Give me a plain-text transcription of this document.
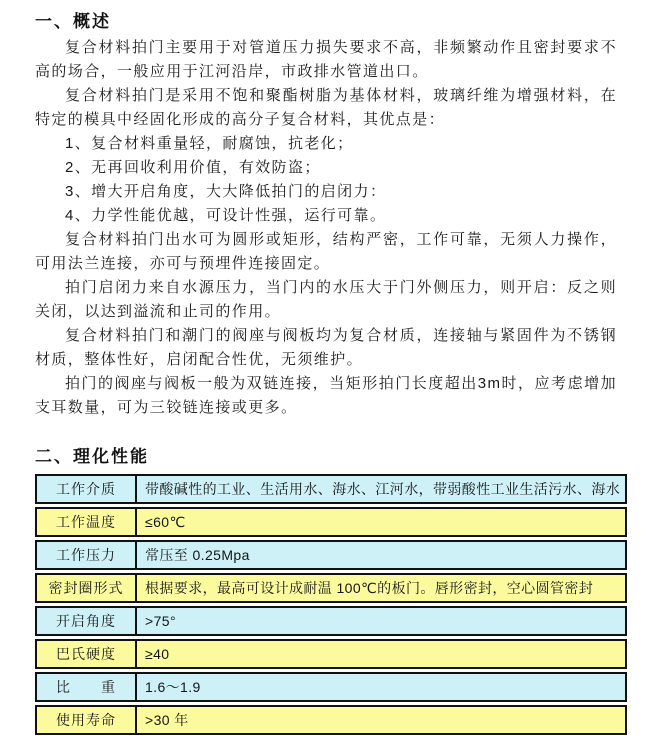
一、概述

复合材料拍门主要用于对管道压力损失要求不高，非频繁动作且密封要求不高的场合，一般应用于江河沿岸，市政排水管道出口。

复合材料拍门是采用不饱和聚酯树脂为基体材料，玻璃纤维为增强材料，在特定的模具中经固化形成的高分子复合材料，其优点是：

1、复合材料重量轻，耐腐蚀，抗老化；

2、无再回收利用价值，有效防盗；

3、增大开启角度，大大降低拍门的启闭力：

4、力学性能优越，可设计性强，运行可靠。

复合材料拍门出水可为圆形或矩形，结构严密，工作可靠，无须人力操作，可用法兰连接，亦可与预埋件连接固定。

拍门启闭力来自水源压力，当门内的水压大于门外侧压力，则开启：反之则关闭，以达到溢流和止司的作用。

复合材料拍门和潮门的阀座与阀板均为复合材质，连接轴与紧固件为不锈钢材质，整体性好，启闭配合性优，无须维护。

拍门的阀座与阀板一般为双链连接，当矩形拍门长度超出3m时，应考虑增加支耳数量，可为三铰链连接或更多。

二、理化性能
工作介质	带酸碱性的工业、生活用水、海水、江河水，带弱酸性工业生活污水、海水
工作温度	≤60℃
工作压力	常压至 0.25Mpa
密封圈形式	根据要求，最高可设计成耐温 100℃的板门。唇形密封，空心圆管密封
开启角度	>75°
巴氏硬度	≥40
比　　重	1.6～1.9
使用寿命	>30 年
